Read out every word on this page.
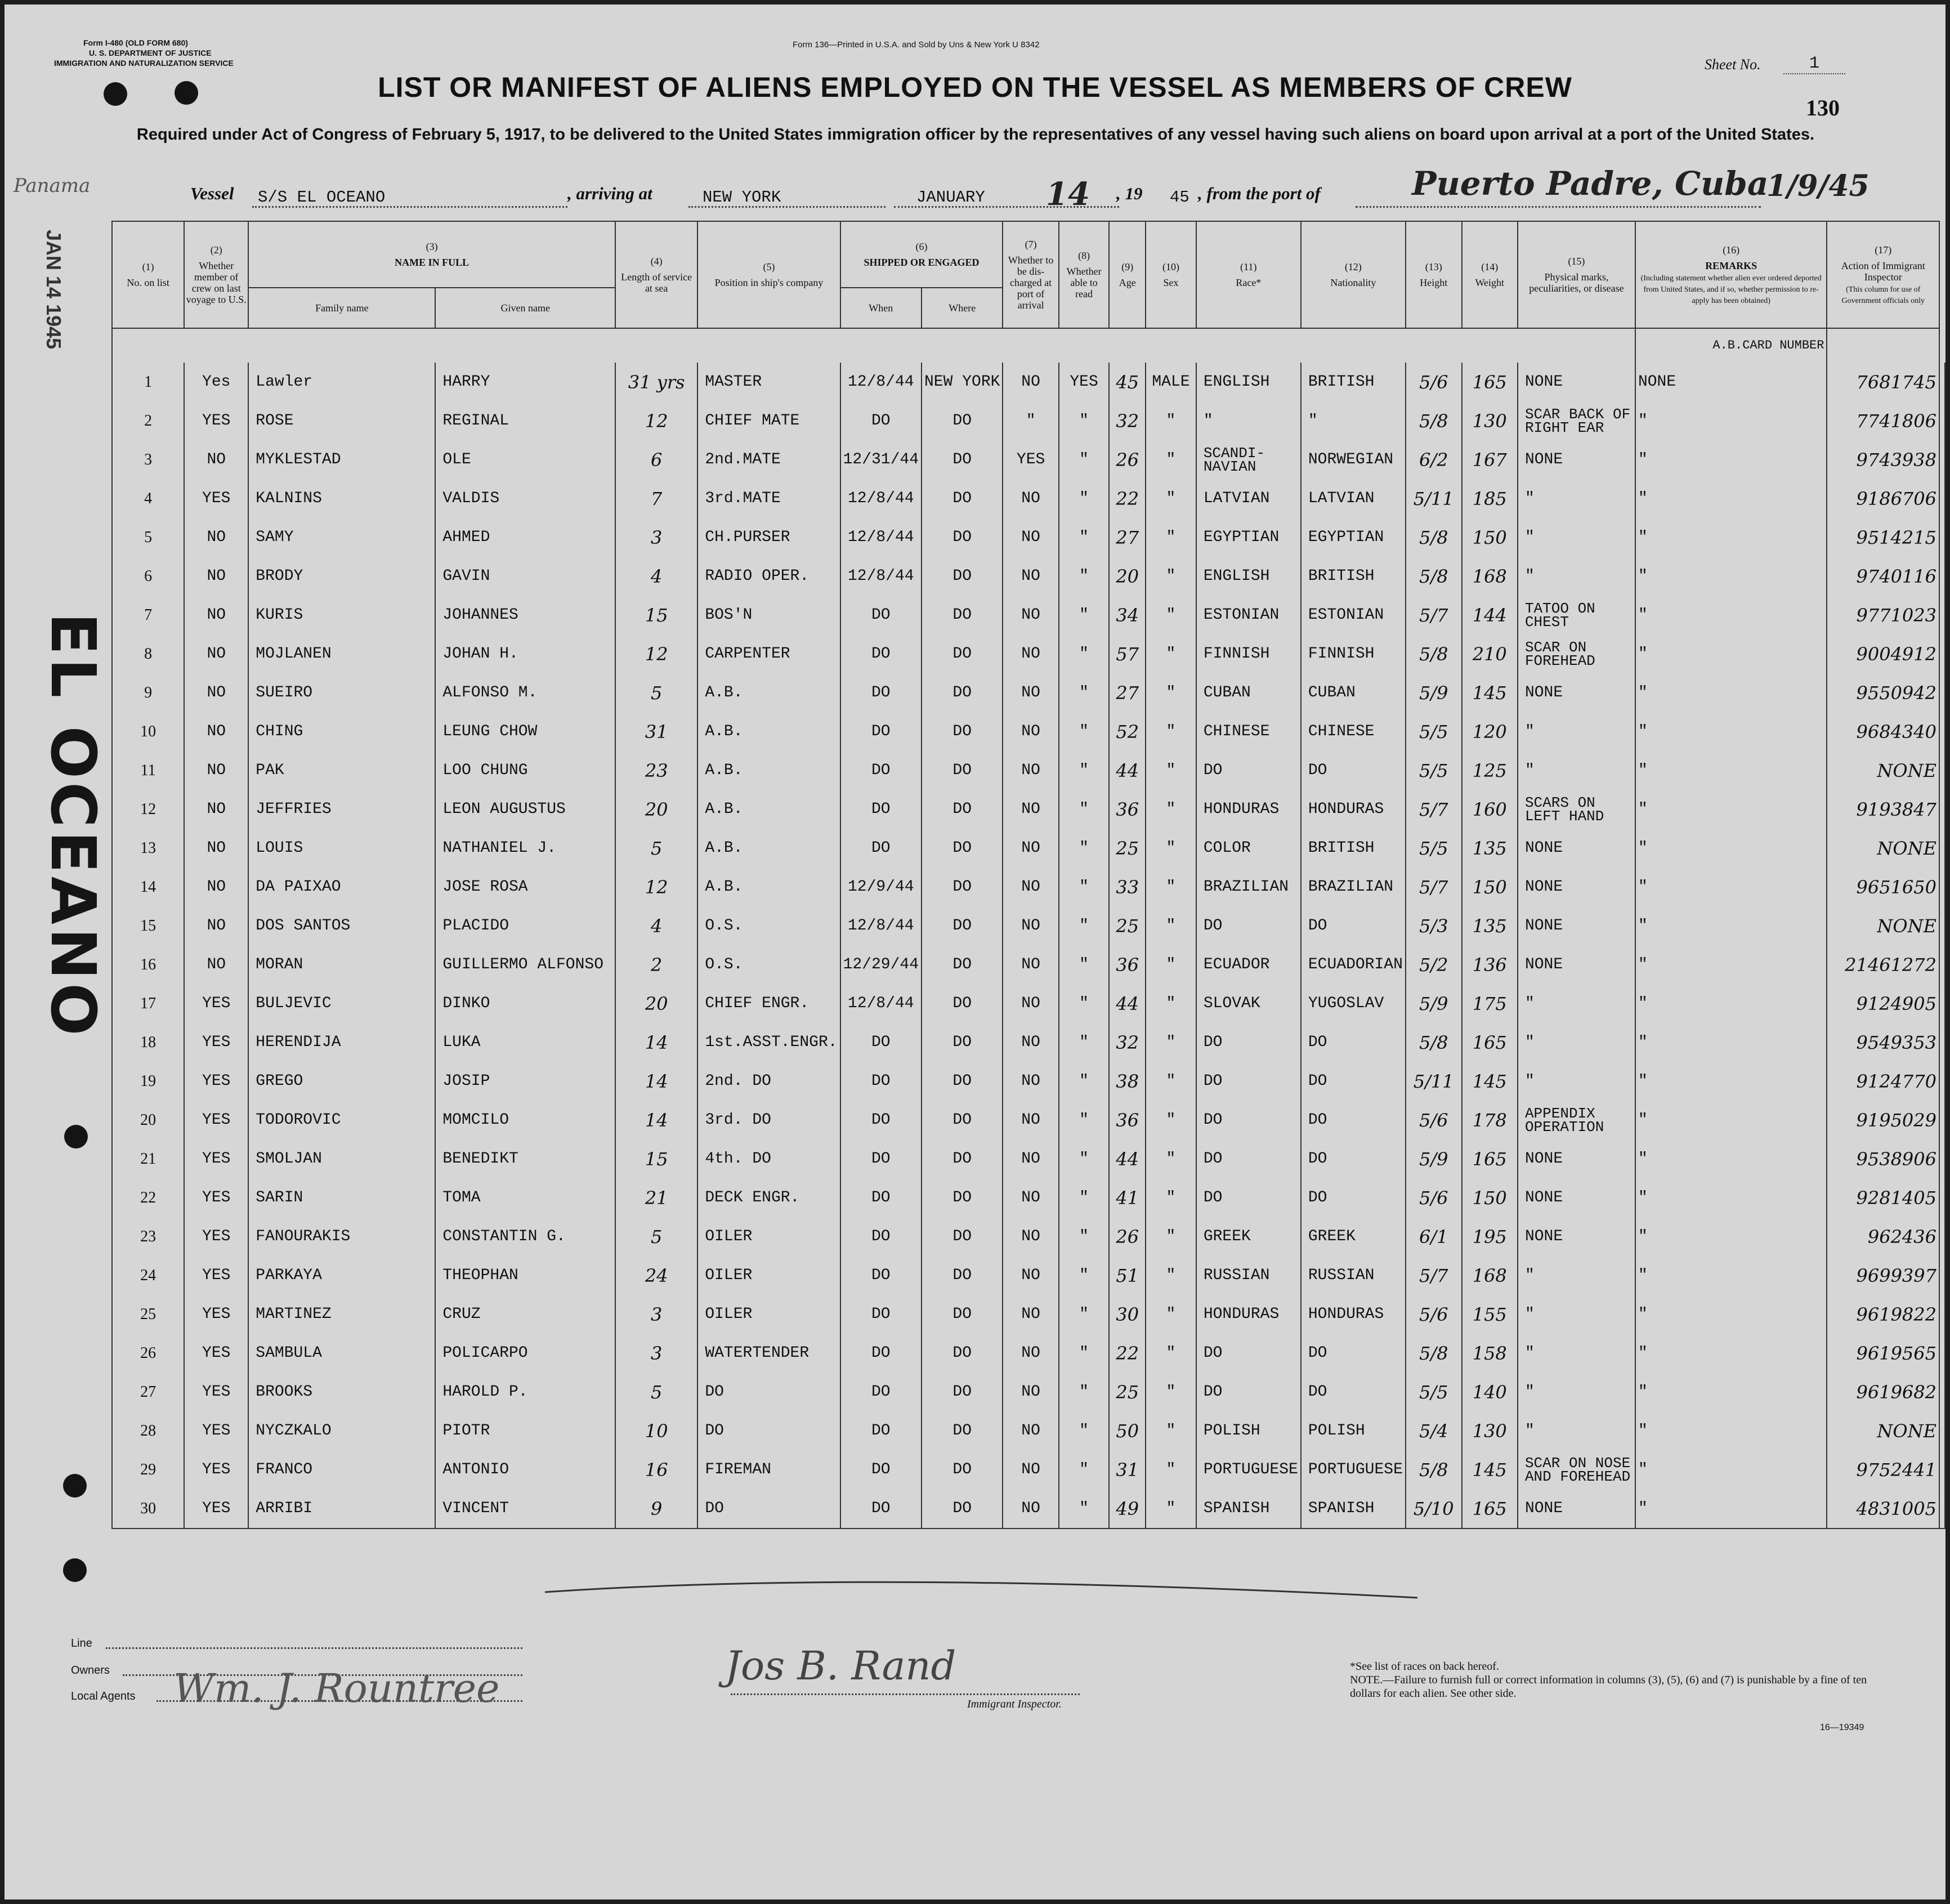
Form I-480 (OLD FORM 680)
U. S. DEPARTMENT OF JUSTICE
IMMIGRATION AND NATURALIZATION SERVICE
Form 136—Printed in U.S.A. and Sold by Uns & New York U 8342
Sheet No.	1
130
LIST OR MANIFEST OF ALIENS EMPLOYED ON THE VESSEL AS MEMBERS OF CREW
Required under Act of Congress of February 5, 1917, to be delivered to the United States immigration officer by the representatives of any vessel having such aliens on board upon arrival at a port of the United States.
Panama	Vessel S/S EL OCEANO	, arriving at	NEW YORK	JANUARY 14 , 19 45 , from the port of	Puerto Padre, Cuba
1/9/45
JAN 14 1945
EL OCEANO
(1)
No. on list	(2)
Whether member of crew on last voyage to U.S.	(3)
NAME IN FULL		(4)
Length of service at sea	(5)
Position in ship's company	(6)
SHIPPED OR ENGAGED		(7)
Whether to be dis-charged at port of arrival	(8)
Whether able to read	(9)
Age	(10)
Sex	(11)
Race*	(12)
Nationality	(13)
Height	(14)
Weight	(15)
Physical marks, peculiarities, or disease	(16)
REMARKS
(Including statement whether alien ever ordered deported from United States, and if so, whether permission to re-apply has been obtained)	(17)
Action of Immigrant Inspector
(This column for use of Government officials only	
		Family name	Given name			When	Where												
																	A.B.CARD NUMBER		
1	Yes	Lawler	HARRY	31 yrs	MASTER	12/8/44	NEW YORK	NO	YES	45	MALE	ENGLISH	BRITISH	5/6	165	NONE	NONE	7681745	
2	YES	ROSE	REGINAL	12	CHIEF MATE	DO	DO	"	"	32	"	"	"	5/8	130	SCAR BACK OF RIGHT EAR	"	7741806	
3	NO	MYKLESTAD	OLE	6	2nd.MATE	12/31/44	DO	YES	"	26	"	SCANDI-NAVIAN	NORWEGIAN	6/2	167	NONE	"	9743938	
4	YES	KALNINS	VALDIS	7	3rd.MATE	12/8/44	DO	NO	"	22	"	LATVIAN	LATVIAN	5/11	185	"	"	9186706	
5	NO	SAMY	AHMED	3	CH.PURSER	12/8/44	DO	NO	"	27	"	EGYPTIAN	EGYPTIAN	5/8	150	"	"	9514215	
6	NO	BRODY	GAVIN	4	RADIO OPER.	12/8/44	DO	NO	"	20	"	ENGLISH	BRITISH	5/8	168	"	"	9740116	
7	NO	KURIS	JOHANNES	15	BOS'N	DO	DO	NO	"	34	"	ESTONIAN	ESTONIAN	5/7	144	TATOO ON CHEST	"	9771023	
8	NO	MOJLANEN	JOHAN H.	12	CARPENTER	DO	DO	NO	"	57	"	FINNISH	FINNISH	5/8	210	SCAR ON FOREHEAD	"	9004912	
9	NO	SUEIRO	ALFONSO M.	5	A.B.	DO	DO	NO	"	27	"	CUBAN	CUBAN	5/9	145	NONE	"	9550942	
10	NO	CHING	LEUNG CHOW	31	A.B.	DO	DO	NO	"	52	"	CHINESE	CHINESE	5/5	120	"	"	9684340	
11	NO	PAK	LOO CHUNG	23	A.B.	DO	DO	NO	"	44	"	DO	DO	5/5	125	"	"	NONE	
12	NO	JEFFRIES	LEON AUGUSTUS	20	A.B.	DO	DO	NO	"	36	"	HONDURAS	HONDURAS	5/7	160	SCARS ON LEFT HAND	"	9193847	
13	NO	LOUIS	NATHANIEL J.	5	A.B.	DO	DO	NO	"	25	"	COLOR	BRITISH	5/5	135	NONE	"	NONE	
14	NO	DA PAIXAO	JOSE ROSA	12	A.B.	12/9/44	DO	NO	"	33	"	BRAZILIAN	BRAZILIAN	5/7	150	NONE	"	9651650	
15	NO	DOS SANTOS	PLACIDO	4	O.S.	12/8/44	DO	NO	"	25	"	DO	DO	5/3	135	NONE	"	NONE	
16	NO	MORAN	GUILLERMO ALFONSO	2	O.S.	12/29/44	DO	NO	"	36	"	ECUADOR	ECUADORIAN	5/2	136	NONE	"	21461272	
17	YES	BULJEVIC	DINKO	20	CHIEF ENGR.	12/8/44	DO	NO	"	44	"	SLOVAK	YUGOSLAV	5/9	175	"	"	9124905	
18	YES	HERENDIJA	LUKA	14	1st.ASST.ENGR.	DO	DO	NO	"	32	"	DO	DO	5/8	165	"	"	9549353	
19	YES	GREGO	JOSIP	14	2nd. DO	DO	DO	NO	"	38	"	DO	DO	5/11	145	"	"	9124770	
20	YES	TODOROVIC	MOMCILO	14	3rd. DO	DO	DO	NO	"	36	"	DO	DO	5/6	178	APPENDIX OPERATION	"	9195029	
21	YES	SMOLJAN	BENEDIKT	15	4th. DO	DO	DO	NO	"	44	"	DO	DO	5/9	165	NONE	"	9538906	
22	YES	SARIN	TOMA	21	DECK ENGR.	DO	DO	NO	"	41	"	DO	DO	5/6	150	NONE	"	9281405	
23	YES	FANOURAKIS	CONSTANTIN G.	5	OILER	DO	DO	NO	"	26	"	GREEK	GREEK	6/1	195	NONE	"	962436	
24	YES	PARKAYA	THEOPHAN	24	OILER	DO	DO	NO	"	51	"	RUSSIAN	RUSSIAN	5/7	168	"	"	9699397	
25	YES	MARTINEZ	CRUZ	3	OILER	DO	DO	NO	"	30	"	HONDURAS	HONDURAS	5/6	155	"	"	9619822	
26	YES	SAMBULA	POLICARPO	3	WATERTENDER	DO	DO	NO	"	22	"	DO	DO	5/8	158	"	"	9619565	
27	YES	BROOKS	HAROLD P.	5	DO	DO	DO	NO	"	25	"	DO	DO	5/5	140	"	"	9619682	
28	YES	NYCZKALO	PIOTR	10	DO	DO	DO	NO	"	50	"	POLISH	POLISH	5/4	130	"	"	NONE	
29	YES	FRANCO	ANTONIO	16	FIREMAN	DO	DO	NO	"	31	"	PORTUGUESE	PORTUGUESE	5/8	145	SCAR ON NOSE AND FOREHEAD	"	9752441	
30	YES	ARRIBI	VINCENT	9	DO	DO	DO	NO	"	49	"	SPANISH	SPANISH	5/10	165	NONE	"	4831005	
Line
Owners
Local Agents Wm. J. Rountree	Jos B. Rand
Immigrant Inspector.
*See list of races on back hereof.
NOTE.—Failure to furnish full or correct information in columns (3), (5), (6) and (7) is punishable by a fine of ten dollars for each alien. See other side.
16—19349
